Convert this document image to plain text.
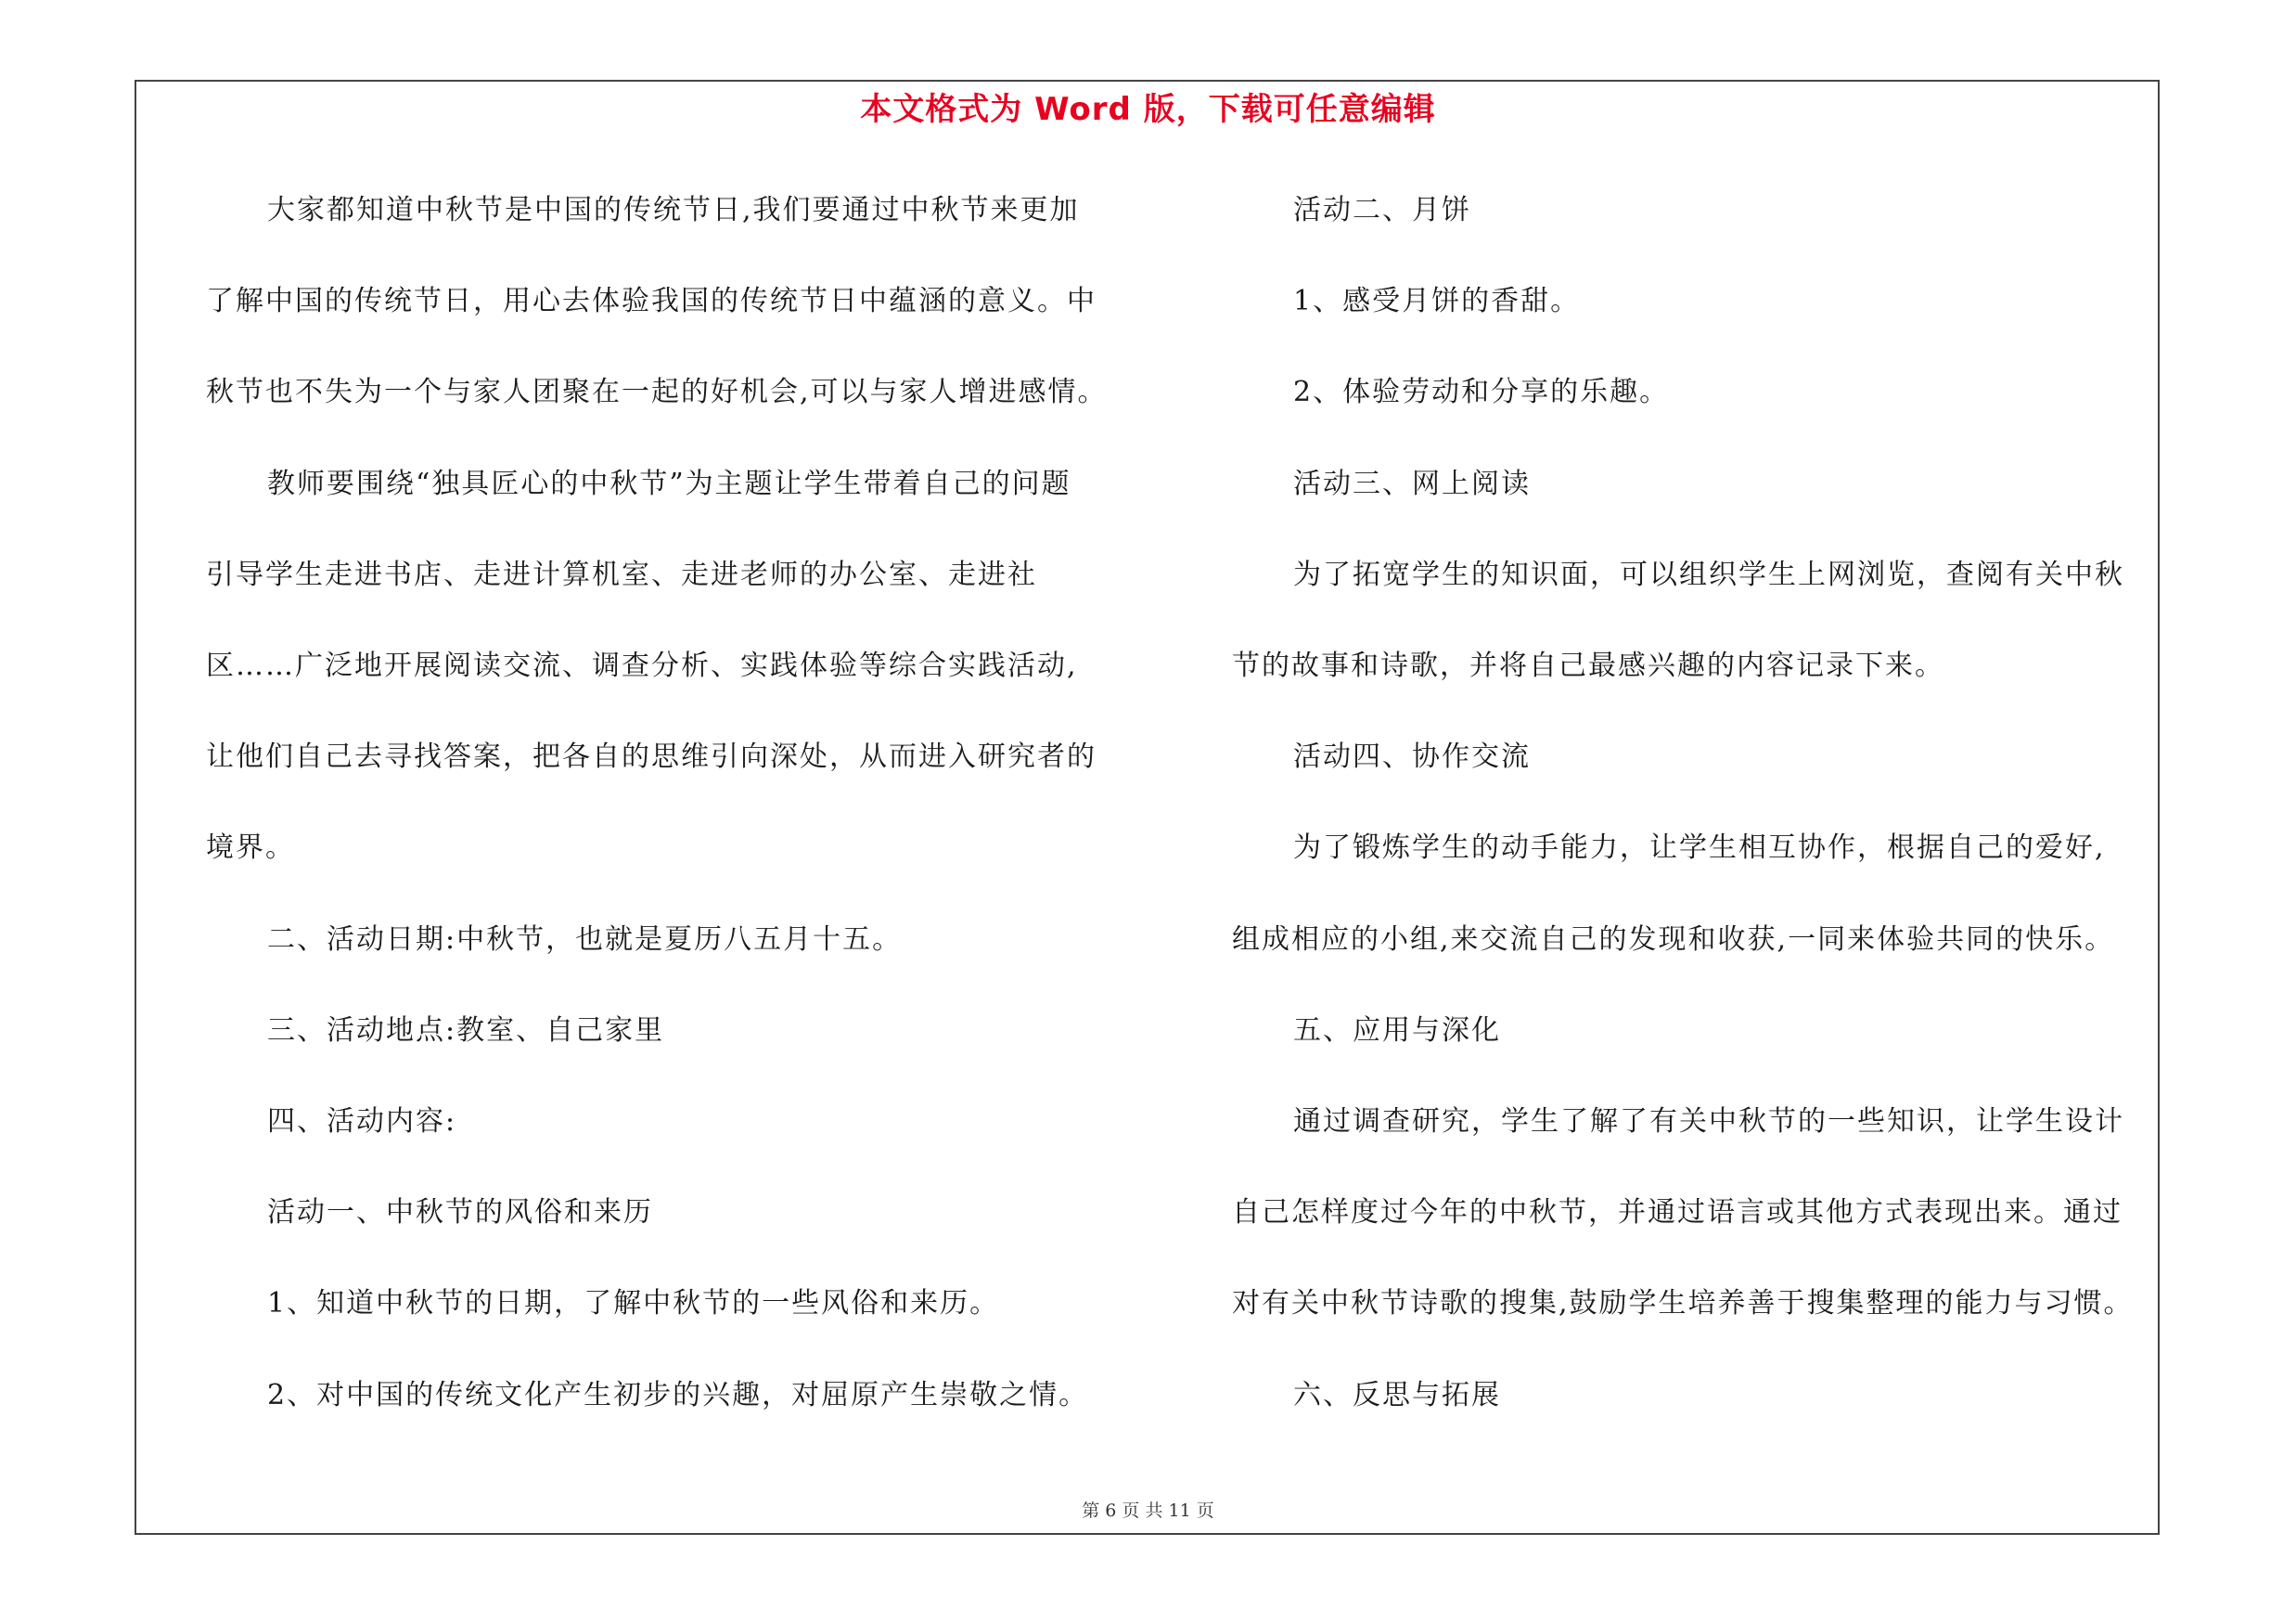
本文格式为 Word 版，下载可任意编辑
大家都知道中秋节是中国的传统节日,我们要通过中秋节来更加
了解中国的传统节日，用心去体验我国的传统节日中蕴涵的意义。中
秋节也不失为一个与家人团聚在一起的好机会,可以与家人增进感情。
教师要围绕“独具匠心的中秋节”为主题让学生带着自己的问题
引导学生走进书店、走进计算机室、走进老师的办公室、走进社
区……广泛地开展阅读交流、调查分析、实践体验等综合实践活动,
让他们自己去寻找答案，把各自的思维引向深处，从而进入研究者的
境界。
二、活动日期:中秋节，也就是夏历八五月十五。
三、活动地点:教室、自己家里
四、活动内容:
活动一、中秋节的风俗和来历
1、知道中秋节的日期，了解中秋节的一些风俗和来历。
2、对中国的传统文化产生初步的兴趣，对屈原产生崇敬之情。
活动二、月饼
1、感受月饼的香甜。
2、体验劳动和分享的乐趣。
活动三、网上阅读
为了拓宽学生的知识面，可以组织学生上网浏览，查阅有关中秋
节的故事和诗歌，并将自己最感兴趣的内容记录下来。
活动四、协作交流
为了锻炼学生的动手能力，让学生相互协作，根据自己的爱好,
组成相应的小组,来交流自己的发现和收获,一同来体验共同的快乐。
五、应用与深化
通过调查研究，学生了解了有关中秋节的一些知识，让学生设计
自己怎样度过今年的中秋节，并通过语言或其他方式表现出来。通过
对有关中秋节诗歌的搜集,鼓励学生培养善于搜集整理的能力与习惯。
六、反思与拓展
第 6 页 共 11 页
